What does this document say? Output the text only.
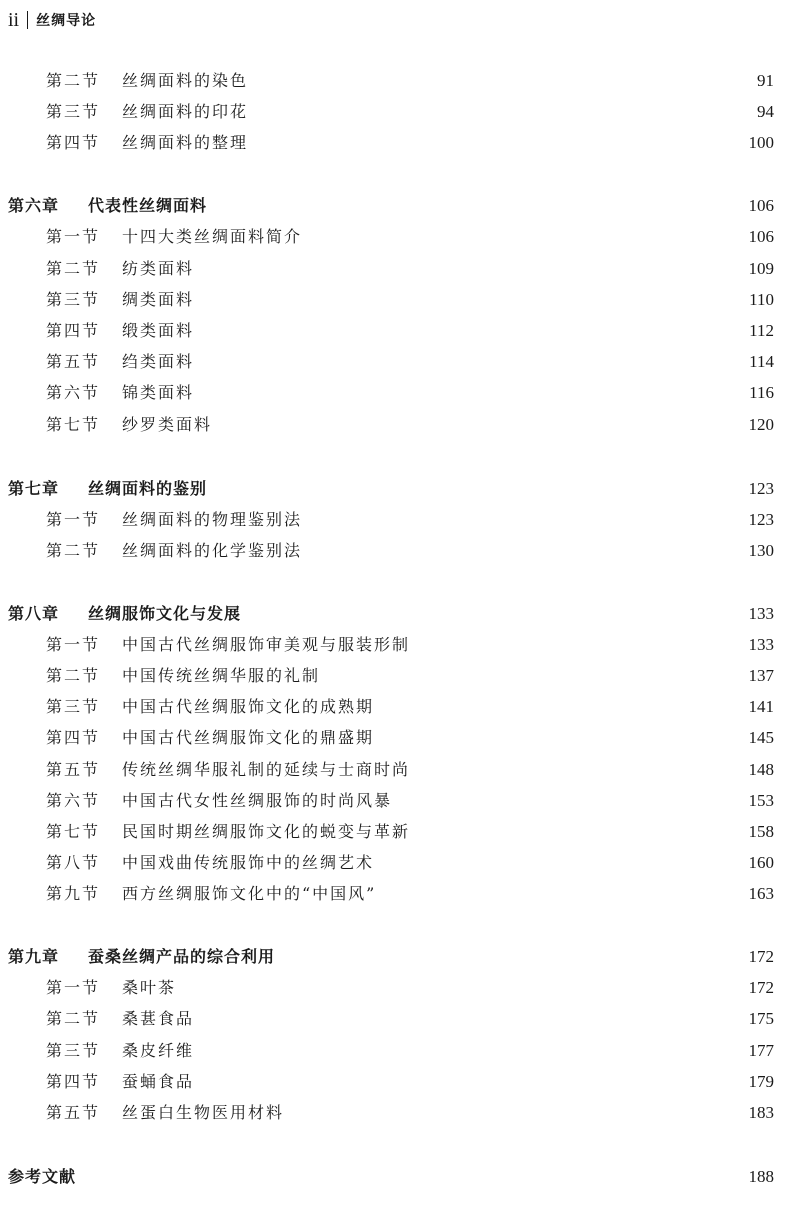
ii 丝绸导论
第二节	丝绸面料的染色	91
第三节	丝绸面料的印花	94
第四节	丝绸面料的整理	100
第六章	代表性丝绸面料	106
第一节	十四大类丝绸面料简介	106
第二节	纺类面料	109
第三节	绸类面料	110
第四节	缎类面料	112
第五节	绉类面料	114
第六节	锦类面料	116
第七节	纱罗类面料	120
第七章	丝绸面料的鉴别	123
第一节	丝绸面料的物理鉴别法	123
第二节	丝绸面料的化学鉴别法	130
第八章	丝绸服饰文化与发展	133
第一节	中国古代丝绸服饰审美观与服装形制	133
第二节	中国传统丝绸华服的礼制	137
第三节	中国古代丝绸服饰文化的成熟期	141
第四节	中国古代丝绸服饰文化的鼎盛期	145
第五节	传统丝绸华服礼制的延续与士商时尚	148
第六节	中国古代女性丝绸服饰的时尚风暴	153
第七节	民国时期丝绸服饰文化的蜕变与革新	158
第八节	中国戏曲传统服饰中的丝绸艺术	160
第九节	西方丝绸服饰文化中的“中国风”	163
第九章	蚕桑丝绸产品的综合利用	172
第一节	桑叶茶	172
第二节	桑葚食品	175
第三节	桑皮纤维	177
第四节	蚕蛹食品	179
第五节	丝蛋白生物医用材料	183
参考文献	188
